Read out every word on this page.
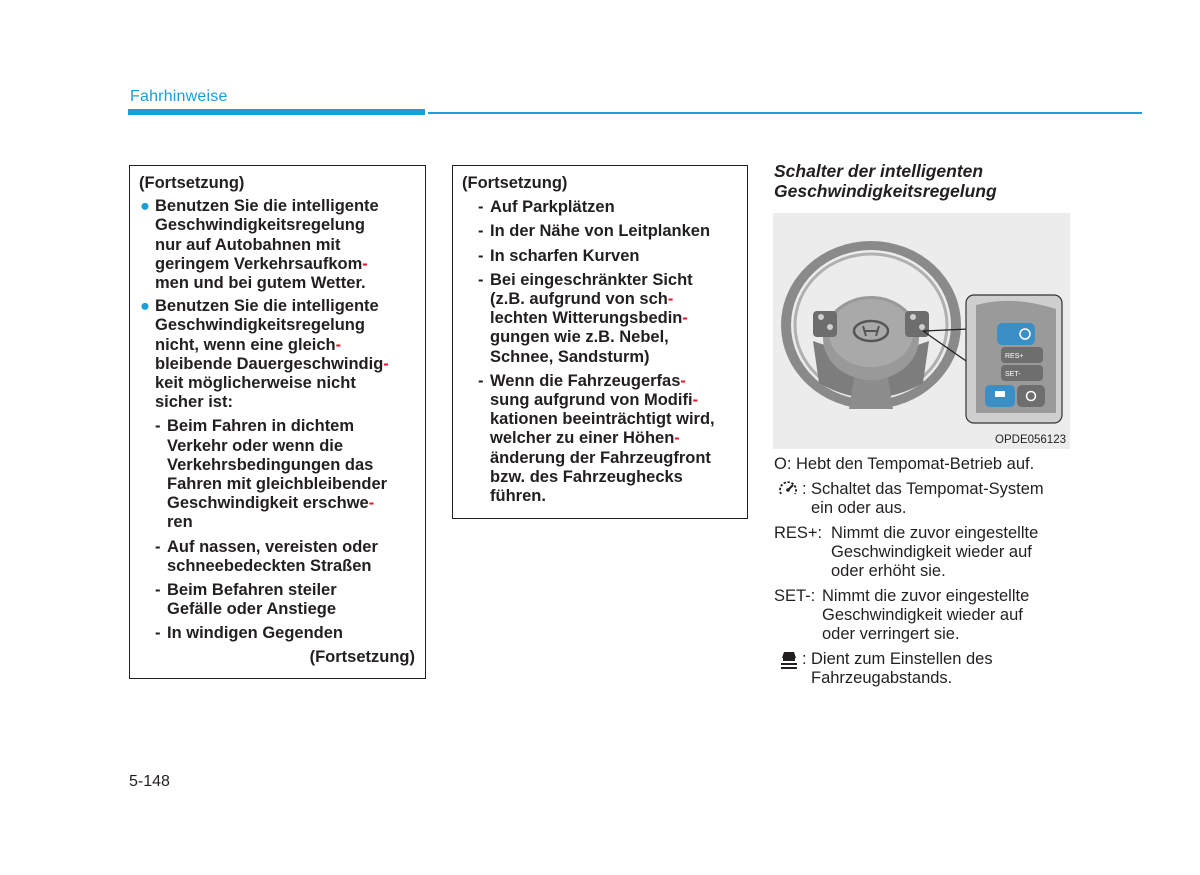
Fahrhinweise
(Fortsetzung)
● Benutzen Sie die intelligente
Geschwindigkeitsregelung
nur auf Autobahnen mit
geringem Verkehrsaufkom-
men und bei gutem Wetter.
● Benutzen Sie die intelligente
Geschwindigkeitsregelung
nicht, wenn eine gleich-
bleibende Dauergeschwindig-
keit möglicherweise nicht
sicher ist:
- Beim Fahren in dichtem
Verkehr oder wenn die
Verkehrsbedingungen das
Fahren mit gleichbleibender
Geschwindigkeit erschwe-
ren
- Auf nassen, vereisten oder
schneebedeckten Straßen
- Beim Befahren steiler
Gefälle oder Anstiege
- In windigen Gegenden
(Fortsetzung)
(Fortsetzung)
- Auf Parkplätzen
- In der Nähe von Leitplanken
- In scharfen Kurven
- Bei eingeschränkter Sicht
(z.B. aufgrund von sch-
lechten Witterungsbedin-
gungen wie z.B. Nebel,
Schnee, Sandsturm)
- Wenn die Fahrzeugerfas-
sung aufgrund von Modifi-
kationen beeinträchtigt wird,
welcher zu einer Höhen-
änderung der Fahrzeugfront
bzw. des Fahrzeughecks
führen.
Schalter der intelligenten
Geschwindigkeitsregelung
RES+
SET-
OPDE056123
O: Hebt den Tempomat-Betrieb auf.
: Schaltet das Tempomat-System
ein oder aus.
RES+: Nimmt die zuvor eingestellte
Geschwindigkeit wieder auf
oder erhöht sie.
SET-: Nimmt die zuvor eingestellte
Geschwindigkeit wieder auf
oder verringert sie.
: Dient zum Einstellen des
Fahrzeugabstands.
5-148
